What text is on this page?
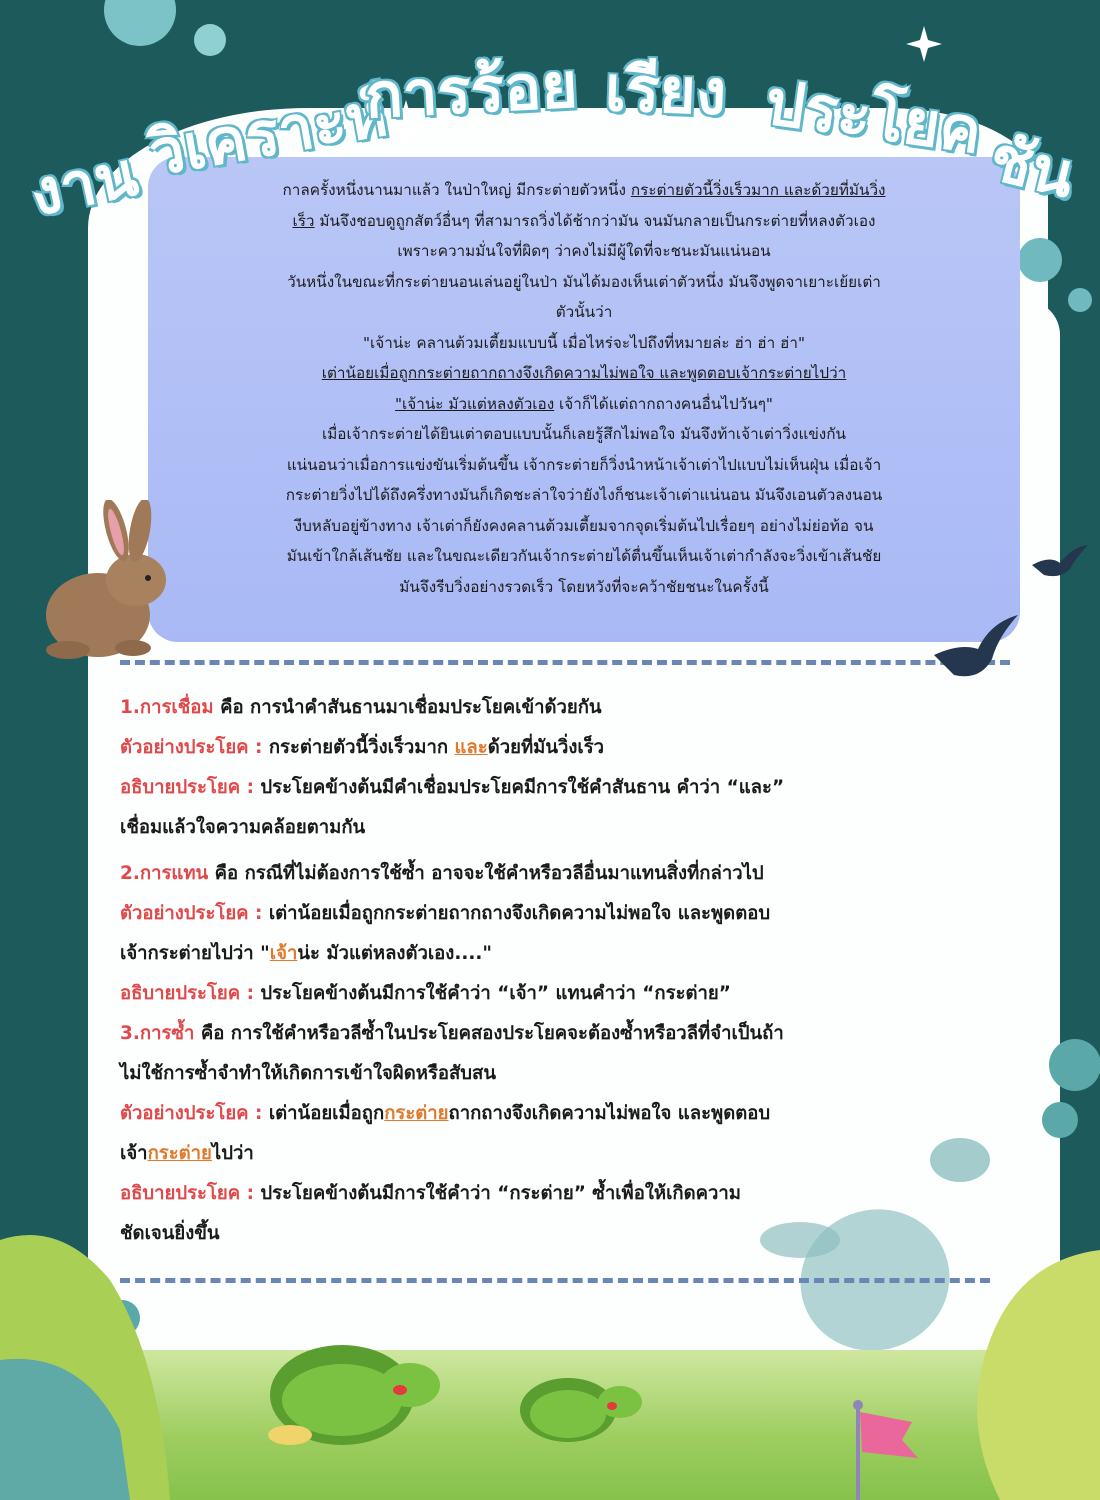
งาน วิเคราะห์
การร้อย เรียง ประโยค
ชัน

กาลครั้งหนึ่งนานมาแล้ว ในป่าใหญ่ มีกระต่ายตัวหนึ่ง กระต่ายตัวนี้วิ่งเร็วมาก และด้วยที่มันวิ่ง

เร็ว มันจึงชอบดูถูกสัตว์อื่นๆ ที่สามารถวิ่งได้ช้ากว่ามัน จนมันกลายเป็นกระต่ายที่หลงตัวเอง

เพราะความมั่นใจที่ผิดๆ ว่าคงไม่มีผู้ใดที่จะชนะมันแน่นอน

วันหนึ่งในขณะที่กระต่ายนอนเล่นอยู่ในป่า มันได้มองเห็นเต่าตัวหนึ่ง มันจึงพูดจาเยาะเย้ยเต่า

ตัวนั้นว่า

"เจ้าน่ะ คลานต้วมเตี้ยมแบบนี้ เมื่อไหร่จะไปถึงที่หมายล่ะ ฮ่า ฮ่า ฮ่า"

เต่าน้อยเมื่อถูกกระต่ายถากถางจึงเกิดความไม่พอใจ และพูดตอบเจ้ากระต่ายไปว่า

"เจ้าน่ะ มัวแต่หลงตัวเอง เจ้าก็ได้แต่ถากถางคนอื่นไปวันๆ"

เมื่อเจ้ากระต่ายได้ยินเต่าตอบแบบนั้นก็เลยรู้สึกไม่พอใจ มันจึงท้าเจ้าเต่าวิ่งแข่งกัน

แน่นอนว่าเมื่อการแข่งขันเริ่มต้นขึ้น เจ้ากระต่ายก็วิ่งนำหน้าเจ้าเต่าไปแบบไม่เห็นฝุ่น เมื่อเจ้า

กระต่ายวิ่งไปได้ถึงครึ่งทางมันก็เกิดชะล่าใจว่ายังไงก็ชนะเจ้าเต่าแน่นอน มันจึงเอนตัวลงนอน

งีบหลับอยู่ข้างทาง เจ้าเต่าก็ยังคงคลานต้วมเตี้ยมจากจุดเริ่มต้นไปเรื่อยๆ อย่างไม่ย่อท้อ จน

มันเข้าใกล้เส้นชัย และในขณะเดียวกันเจ้ากระต่ายได้ตื่นขึ้นเห็นเจ้าเต่ากำลังจะวิ่งเข้าเส้นชัย

มันจึงรีบวิ่งอย่างรวดเร็ว โดยหวังที่จะคว้าชัยชนะในครั้งนี้

1.การเชื่อม คือ การนำคำสันธานมาเชื่อมประโยคเข้าด้วยกัน
ตัวอย่างประโยค : กระต่ายตัวนี้วิ่งเร็วมาก และด้วยที่มันวิ่งเร็ว
อธิบายประโยค : ประโยคข้างต้นมีคำเชื่อมประโยคมีการใช้คำสันธาน คำว่า “และ”
เชื่อมแล้วใจความคล้อยตามกัน
2.การแทน คือ กรณีที่ไม่ต้องการใช้ซ้ำ อาจจะใช้คำหรือวลีอื่นมาแทนสิ่งที่กล่าวไป
ตัวอย่างประโยค : เต่าน้อยเมื่อถูกกระต่ายถากถางจึงเกิดความไม่พอใจ และพูดตอบ
เจ้ากระต่ายไปว่า "เจ้าน่ะ มัวแต่หลงตัวเอง...."
อธิบายประโยค : ประโยคข้างต้นมีการใช้คำว่า “เจ้า” แทนคำว่า “กระต่าย”
3.การซ้ำ คือ การใช้คำหรือวลีซ้ำในประโยคสองประโยคจะต้องซ้ำหรือวลีที่จำเป็นถ้า
ไม่ใช้การซ้ำจำทำให้เกิดการเข้าใจผิดหรือสับสน
ตัวอย่างประโยค : เต่าน้อยเมื่อถูกกระต่ายถากถางจึงเกิดความไม่พอใจ และพูดตอบ
เจ้ากระต่ายไปว่า
อธิบายประโยค : ประโยคข้างต้นมีการใช้คำว่า “กระต่าย” ซ้ำเพื่อให้เกิดความ
ชัดเจนยิ่งขึ้น
